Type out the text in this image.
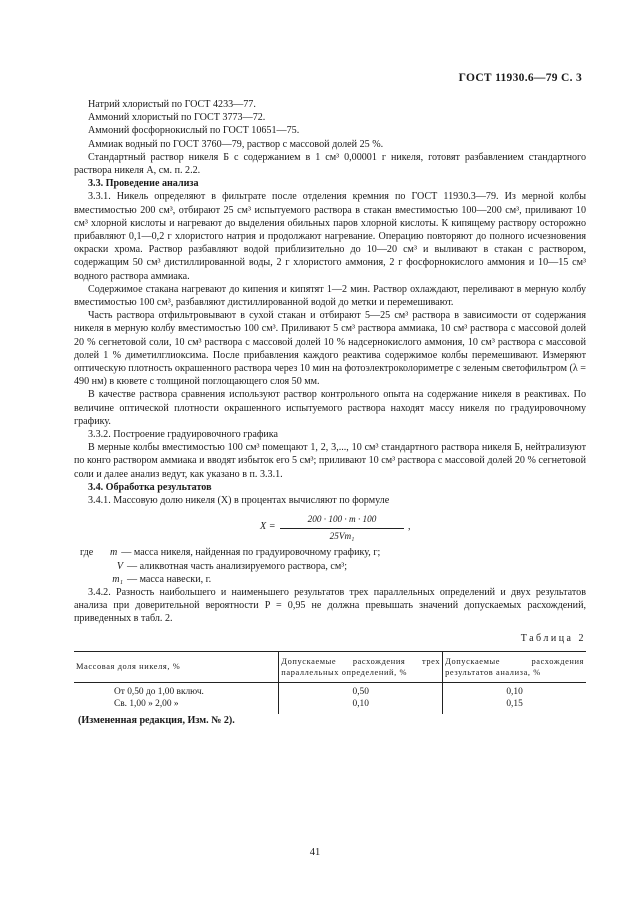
ГОСТ 11930.6—79 С. 3

Натрий хлористый по ГОСТ 4233—77.

Аммоний хлористый по ГОСТ 3773—72.

Аммоний фосфорнокислый по ГОСТ 10651—75.

Аммиак водный по ГОСТ 3760—79, раствор с массовой долей 25 %.

Стандартный раствор никеля Б с содержанием в 1 см³ 0,00001 г никеля, готовят разбавлением стандартного раствора никеля А, см. п. 2.2.

3.3. Проведение анализа

3.3.1. Никель определяют в фильтрате после отделения кремния по ГОСТ 11930.3—79. Из мерной колбы вместимостью 200 см³, отбирают 25 см³ испытуемого раствора в стакан вместимостью 100—200 см³, приливают 10 см³ хлорной кислоты и нагревают до выделения обильных паров хлорной кислоты. К кипящему раствору осторожно прибавляют 0,1—0,2 г хлористого натрия и продолжают нагревание. Операцию повторяют до полного исчезновения окраски хрома. Раствор разбавляют водой приблизительно до 10—20 см³ и выливают в стакан с раствором, содержащим 50 см³ дистиллированной воды, 2 г хлористого аммония, 2 г фосфорнокислого аммония и 10—15 см³ водного раствора аммиака.

Содержимое стакана нагревают до кипения и кипятят 1—2 мин. Раствор охлаждают, переливают в мерную колбу вместимостью 100 см³, разбавляют дистиллированной водой до метки и перемешивают.

Часть раствора отфильтровывают в сухой стакан и отбирают 5—25 см³ раствора в зависимости от содержания никеля в мерную колбу вместимостью 100 см³. Приливают 5 см³ раствора аммиака, 10 см³ раствора с массовой долей 20 % сегнетовой соли, 10 см³ раствора с массовой долей 10 % надсернокислого аммония, 10 см³ раствора с массовой долей 1 % диметилглиоксима. После прибавления каждого реактива содержимое колбы перемешивают. Измеряют оптическую плотность окрашенного раствора через 10 мин на фотоэлектроколориметре с зеленым светофильтром (λ = 490 нм) в кювете с толщиной поглощающего слоя 50 мм.

В качестве раствора сравнения используют раствор контрольного опыта на содержание никеля в реактивах. По величине оптической плотности окрашенного испытуемого раствора находят массу никеля по градуировочному графику.

3.3.2. Построение градуировочного графика

В мерные колбы вместимостью 100 см³ помещают 1, 2, 3,..., 10 см³ стандартного раствора никеля Б, нейтрализуют по конго раствором аммиака и вводят избыток его 5 см³; приливают 10 см³ раствора с массовой долей 20 % сегнетовой соли и далее анализ ведут, как указано в п. 3.3.1.

3.4. Обработка результатов

3.4.1. Массовую долю никеля (X) в процентах вычисляют по формуле

$X = \frac{200 \cdot 100 \cdot m \cdot 100}{\text{25Vm₁}}$ ,
где	m — масса никеля, найденная по градуировочному графику, г;
V — аликвотная часть анализируемого раствора, см³;
m₁ — масса навески, г.

3.4.2. Разность наибольшего и наименьшего результатов трех параллельных определений и двух результатов анализа при доверительной вероятности P = 0,95 не должна превышать значений допускаемых расхождений, приведенных в табл. 2.

Таблица 2
Массовая доля никеля, %	Допускаемые расхождения трех параллельных определений, %	Допускаемые расхождения результатов анализа, %
От 0,50 до 1,00 включ.	0,50	0,10
Св. 1,00 » 2,00 »	0,10	0,15

(Измененная редакция, Изм. № 2).

41
